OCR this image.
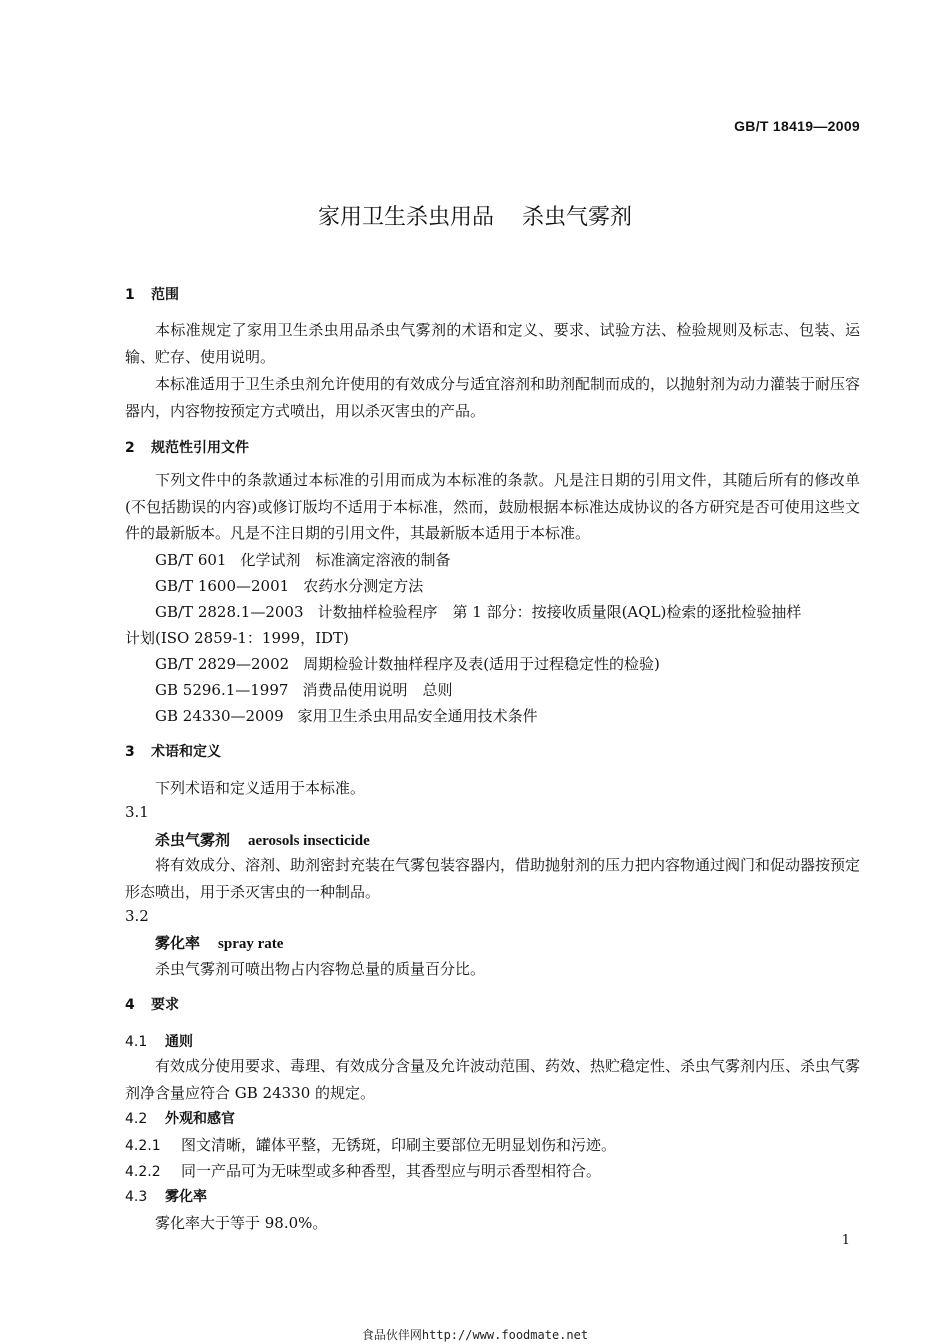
GB/T 18419—2009
家用卫生杀虫用品 杀虫气雾剂
1 范围
本标准规定了家用卫生杀虫用品杀虫气雾剂的术语和定义、要求、试验方法、检验规则及标志、包装、运输、贮存、使用说明。
本标准适用于卫生杀虫剂允许使用的有效成分与适宜溶剂和助剂配制而成的，以抛射剂为动力灌装于耐压容器内，内容物按预定方式喷出，用以杀灭害虫的产品。
2 规范性引用文件
下列文件中的条款通过本标准的引用而成为本标准的条款。凡是注日期的引用文件，其随后所有的修改单(不包括勘误的内容)或修订版均不适用于本标准，然而，鼓励根据本标准达成协议的各方研究是否可使用这些文件的最新版本。凡是不注日期的引用文件，其最新版本适用于本标准。
GB/T 601 化学试剂　标准滴定溶液的制备
GB/T 1600—2001 农药水分测定方法
GB/T 2828.1—2003 计数抽样检验程序　第 1 部分：按接收质量限(AQL)检索的逐批检验抽样
计划(ISO 2859-1：1999，IDT)
GB/T 2829—2002 周期检验计数抽样程序及表(适用于过程稳定性的检验)
GB 5296.1—1997 消费品使用说明　总则
GB 24330—2009 家用卫生杀虫用品安全通用技术条件
3 术语和定义
下列术语和定义适用于本标准。
3.1
杀虫气雾剂 aerosols insecticide
将有效成分、溶剂、助剂密封充装在气雾包装容器内，借助抛射剂的压力把内容物通过阀门和促动器按预定形态喷出，用于杀灭害虫的一种制品。
3.2
雾化率 spray rate
杀虫气雾剂可喷出物占内容物总量的质量百分比。
4 要求
4.1 通则
有效成分使用要求、毒理、有效成分含量及允许波动范围、药效、热贮稳定性、杀虫气雾剂内压、杀虫气雾剂净含量应符合 GB 24330 的规定。
4.2 外观和感官
4.2.1 图文清晰，罐体平整，无锈斑，印刷主要部位无明显划伤和污迹。
4.2.2 同一产品可为无味型或多种香型，其香型应与明示香型相符合。
4.3 雾化率
雾化率大于等于 98.0%。
1
食品伙伴网http://www.foodmate.net
